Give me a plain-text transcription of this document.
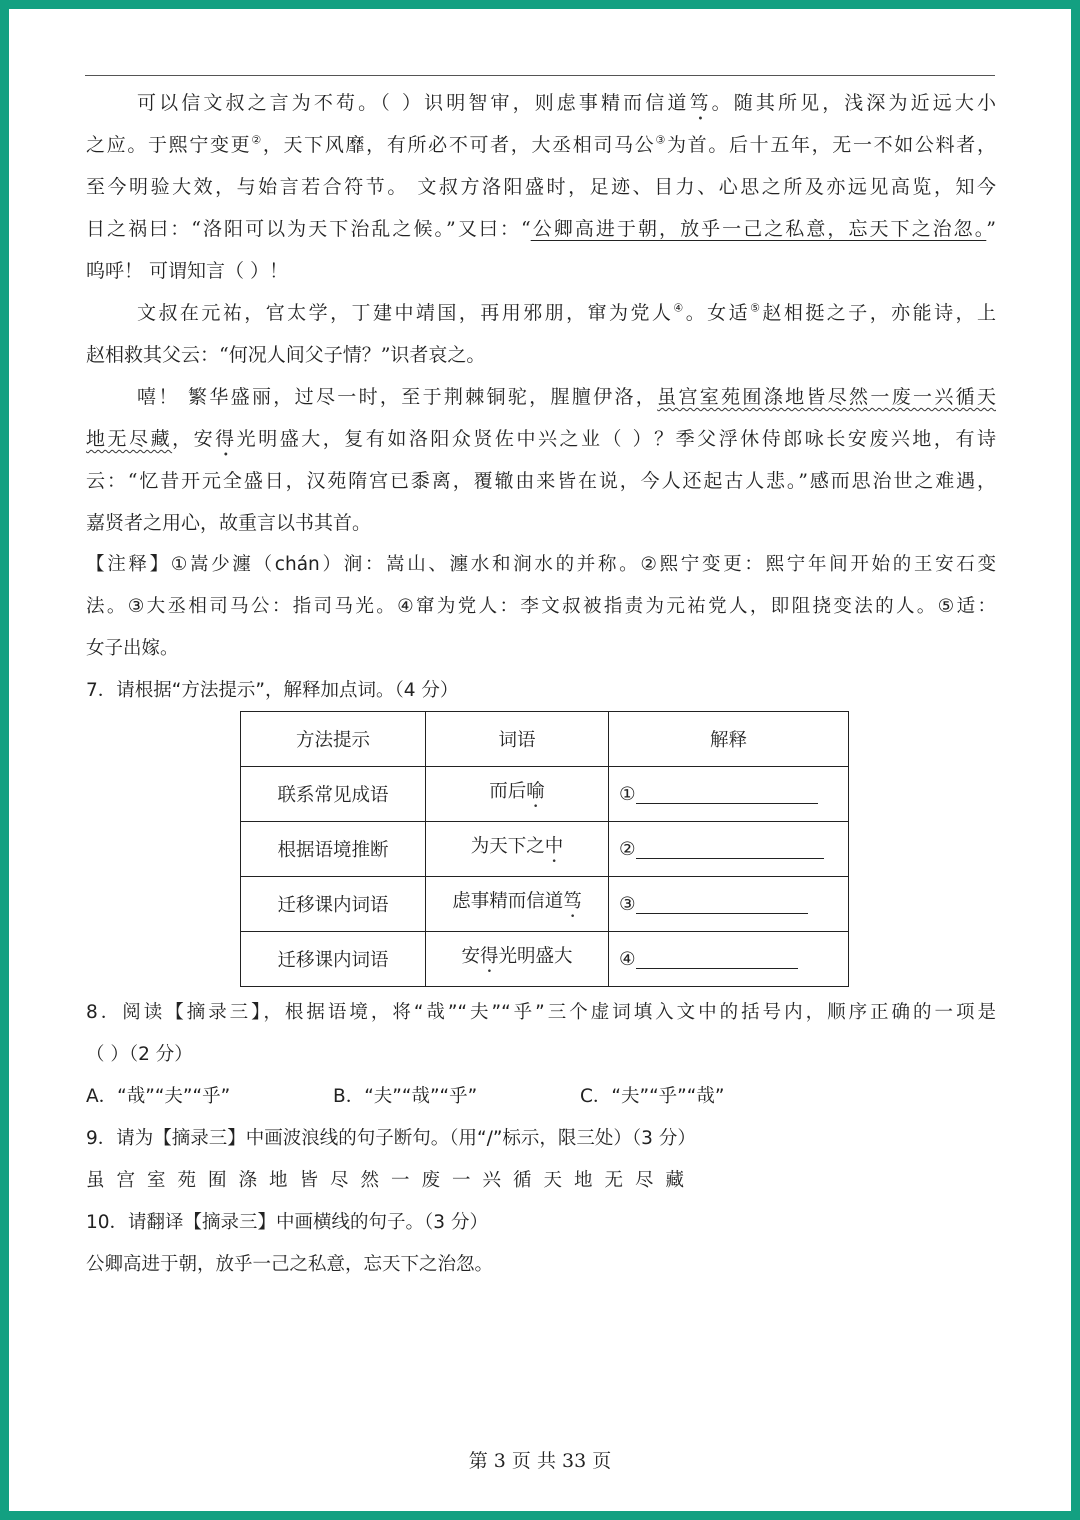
可以信文叔之言为不苟。（ ）识明智审，则虑事精而信道笃。随其所见，浅深为近远大小
之应。于熙宁变更②，天下风靡，有所必不可者，大丞相司马公③为首。后十五年，无一不如公料者，
至今明验大效，与始言若合符节。 文叔方洛阳盛时，足迹、目力、心思之所及亦远见高览，知今
日之祸曰：“洛阳可以为天下治乱之候。”又曰：“公卿高进于朝，放乎一己之私意，忘天下之治忽。”
呜呼！ 可谓知言（ ）！
文叔在元祐，官太学，丁建中靖国，再用邪朋，窜为党人④。女适⑤赵相挺之子，亦能诗，上
赵相救其父云：“何况人间父子情？”识者哀之。
嘻！ 繁华盛丽，过尽一时，至于荆棘铜驼，腥膻伊洛，虽宫室苑囿涤地皆尽然一废一兴循天
地无尽藏，安得光明盛大，复有如洛阳众贤佐中兴之业（ ）？季父浮休侍郎咏长安废兴地，有诗
云：“忆昔开元全盛日，汉苑隋宫已黍离，覆辙由来皆在说，今人还起古人悲。”感而思治世之难遇，
嘉贤者之用心，故重言以书其首。
【注释】①嵩少瀍（chán）涧：嵩山、瀍水和涧水的并称。②熙宁变更：熙宁年间开始的王安石变
法。③大丞相司马公：指司马光。④窜为党人：李文叔被指责为元祐党人，即阻挠变法的人。⑤适：
女子出嫁。
7．请根据“方法提示”，解释加点词。（4 分）
方法提示	词语	解释
联系常见成语	而后喻	①
根据语境推断	为天下之中	②
迁移课内词语	虑事精而信道笃	③
迁移课内词语	安得光明盛大	④
8．阅读【摘录三】，根据语境，将“哉”“夫”“乎”三个虚词填入文中的括号内，顺序正确的一项是
（ ）（2 分）
A．“哉”“夫”“乎”	B．“夫”“哉”“乎”	C．“夫”“乎”“哉”
9．请为【摘录三】中画波浪线的句子断句。（用“/”标示，限三处）（3 分）
虽宫室苑囿涤地皆尽然一废一兴循天地无尽藏
10．请翻译【摘录三】中画横线的句子。（3 分）
公卿高进于朝，放乎一己之私意，忘天下之治忽。
第 3 页 共 33 页
